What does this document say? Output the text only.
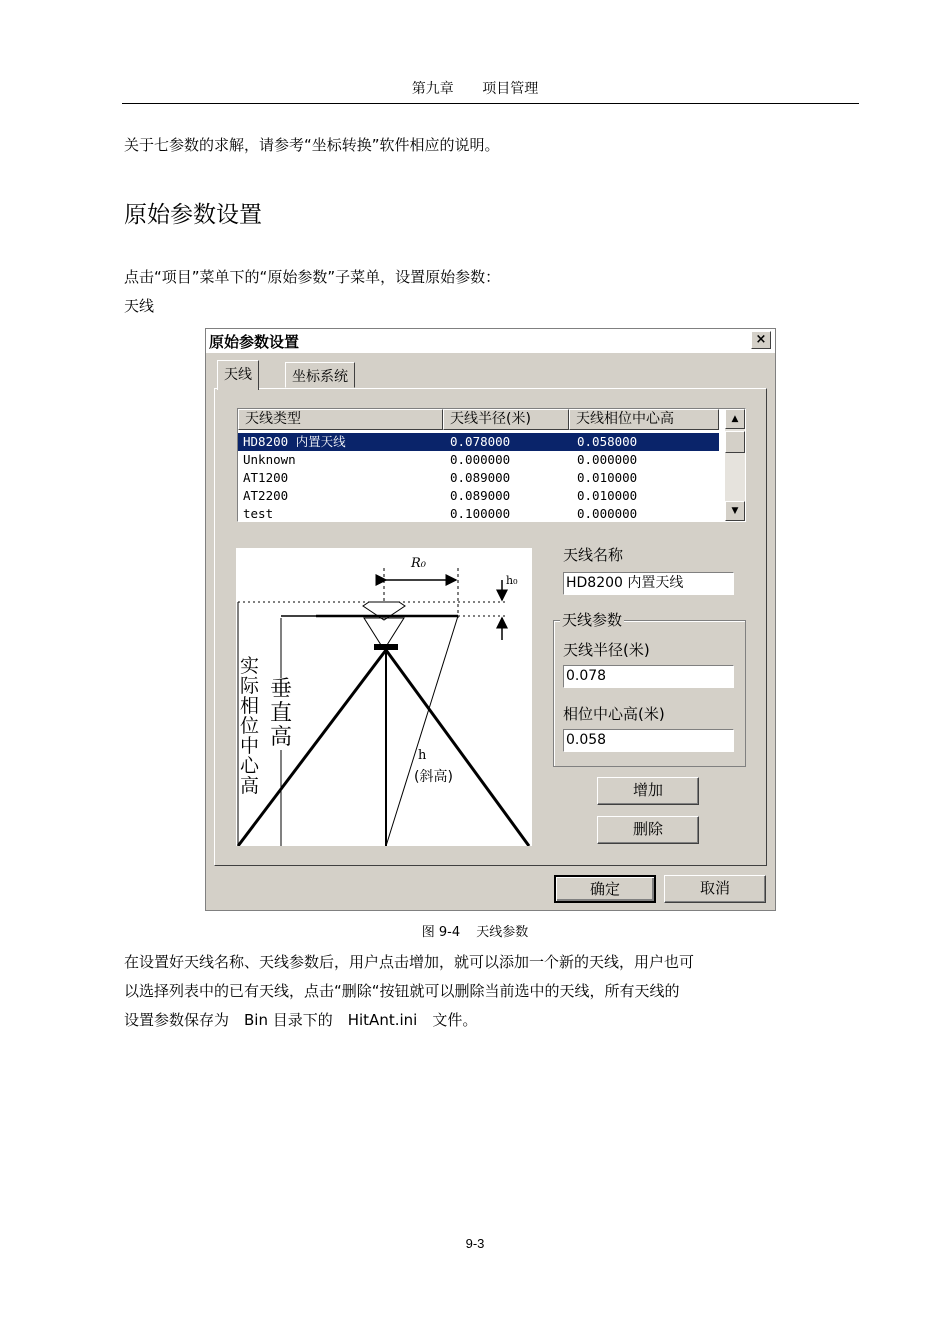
第九章 项目管理
关于七参数的求解，请参考“坐标转换”软件相应的说明。
原始参数设置
点击“项目”菜单下的“原始参数”子菜单，设置原始参数：
天线
原始参数设置	×
天线	坐标系统
天线类型	天线半径(米)	天线相位中心高
HD8200 内置天线	0.078000	0.058000
Unknown	0.000000	0.000000
AT1200	0.089000	0.010000
AT2200	0.089000	0.010000
test	0.100000	0.000000
▲
▼
R₀
h₀
实际相位中心高
垂直高
h
(斜高)
天线名称
HD8200 内置天线
天线参数
天线半径(米)
0.078
相位中心高(米)
0.058
增加
删除
确定	取消
图 9-4 天线参数
在设置好天线名称、天线参数后，用户点击增加，就可以添加一个新的天线，用户也可
以选择列表中的已有天线，点击“删除“按钮就可以删除当前选中的天线，所有天线的
设置参数保存为　Bin 目录下的　HitAnt.ini　文件。
9-3
